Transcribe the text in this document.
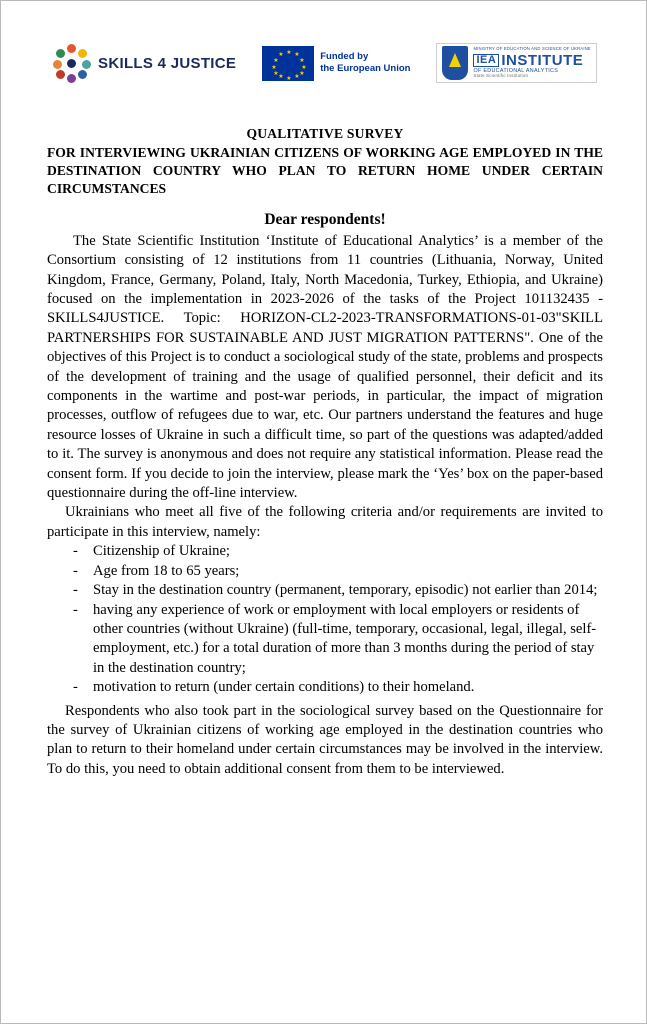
SKILLS 4 JUSTICE
★ ★
★
★
★
★
★
★
★
★
★
★	Funded by
the European Union
MINISTRY OF EDUCATION AND SCIENCE OF UKRAINE
IEA INSTITUTE
OF EDUCATIONAL ANALYTICS
State Scientific Institution
QUALITATIVE SURVEY
FOR INTERVIEWING UKRAINIAN CITIZENS OF WORKING AGE EMPLOYED IN THE DESTINATION COUNTRY WHO PLAN TO RETURN HOME UNDER CERTAIN CIRCUMSTANCES
Dear respondents!

The State Scientific Institution ‘Institute of Educational Analytics’ is a member of the Consortium consisting of 12 institutions from 11 countries (Lithuania, Norway, United Kingdom, France, Germany, Poland, Italy, North Macedonia, Turkey, Ethiopia, and Ukraine) focused on the implementation in 2023-2026 of the tasks of the Project 101132435 - SKILLS4JUSTICE. Topic: HORIZON-CL2-2023-TRANSFORMATIONS-01-03"SKILL PARTNERSHIPS FOR SUSTAINABLE AND JUST MIGRATION PATTERNS". One of the objectives of this Project is to conduct a sociological study of the state, problems and prospects of the development of training and the usage of qualified personnel, their deficit and its components in the wartime and post-war periods, in particular, the impact of migration processes, outflow of refugees due to war, etc. Our partners understand the features and huge resource losses of Ukraine in such a difficult time, so part of the questions was adapted/added to it. The survey is anonymous and does not require any statistical information. Please read the consent form. If you decide to join the interview, please mark the ‘Yes’ box on the paper-based questionnaire during the off-line interview.

Ukrainians who meet all five of the following criteria and/or requirements are invited to participate in this interview, namely:

- Citizenship of Ukraine;
- Age from 18 to 65 years;
- Stay in the destination country (permanent, temporary, episodic) not earlier than 2014;
- having any experience of work or employment with local employers or residents of other countries (without Ukraine) (full-time, temporary, occasional, legal, illegal, self-employment, etc.) for a total duration of more than 3 months during the period of stay in the destination country;
- motivation to return (under certain conditions) to their homeland.

Respondents who also took part in the sociological survey based on the Questionnaire for the survey of Ukrainian citizens of working age employed in the destination countries who plan to return to their homeland under certain circumstances may be involved in the interview. To do this, you need to obtain additional consent from them to be interviewed.
